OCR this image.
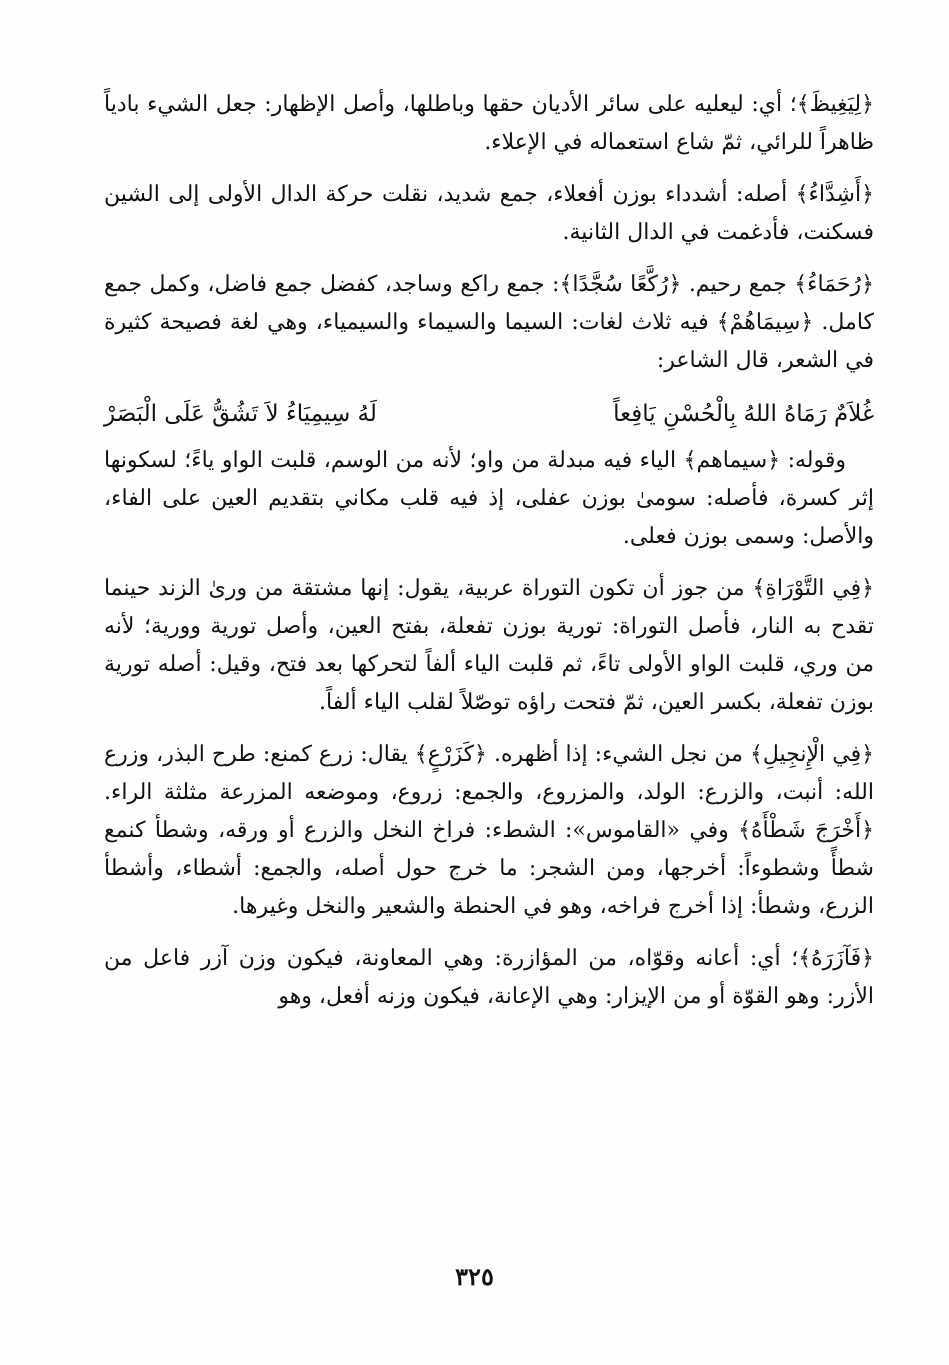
﴿لِيَغِيظَ﴾؛ أي: ليعليه على سائر الأديان حقها وباطلها، وأصل الإظهار: جعل الشيء بادياً ظاهراً للرائي، ثمّ شاع استعماله في الإعلاء.

﴿أَشِدَّاءُ﴾ أصله: أشدداء بوزن أفعلاء، جمع شديد، نقلت حركة الدال الأولى إلى الشين فسكنت، فأدغمت في الدال الثانية.

﴿رُحَمَاءُ﴾ جمع رحيم. ﴿رُكَّعًا سُجَّدًا﴾: جمع راكع وساجد، كفضل جمع فاضل، وكمل جمع كامل. ﴿سِيمَاهُمْ﴾ فيه ثلاث لغات: السيما والسيماء والسيمياء، وهي لغة فصيحة كثيرة في الشعر، قال الشاعر:

غُلاَمٌ رَمَاهُ اللهُ بِالْحُسْنِ يَافِعاً
لَهُ سِيمِيَاءُ لاَ تَشُقُّ عَلَى الْبَصَرْ

وقوله: ﴿سيماهم﴾ الياء فيه مبدلة من واو؛ لأنه من الوسم، قلبت الواو ياءً؛ لسكونها إثر كسرة، فأصله: سومىٰ بوزن عفلى، إذ فيه قلب مكاني بتقديم العين على الفاء، والأصل: وسمى بوزن فعلى.

﴿فِي التَّوْرَاةِ﴾ من جوز أن تكون التوراة عربية، يقول: إنها مشتقة من ورىٰ الزند حينما تقدح به النار، فأصل التوراة: تورية بوزن تفعلة، بفتح العين، وأصل تورية وورية؛ لأنه من وري، قلبت الواو الأولى تاءً، ثم قلبت الياء ألفاً لتحركها بعد فتح، وقيل: أصله تورية بوزن تفعلة، بكسر العين، ثمّ فتحت راؤه توصّلاً لقلب الياء ألفاً.

﴿فِي الْإِنجِيلِ﴾ من نجل الشيء: إذا أظهره. ﴿كَزَرْعٍ﴾ يقال: زرع كمنع: طرح البذر، وزرع الله: أنبت، والزرع: الولد، والمزروع، والجمع: زروع، وموضعه المزرعة مثلثة الراء. ﴿أَخْرَجَ شَطْأَهُ﴾ وفي «القاموس»: الشطء: فراخ النخل والزرع أو ورقه، وشطأ كنمع شطأً وشطوءاً: أخرجها، ومن الشجر: ما خرج حول أصله، والجمع: أشطاء، وأشطأ الزرع، وشطأ: إذا أخرج فراخه، وهو في الحنطة والشعير والنخل وغيرها.

﴿فَآزَرَهُ﴾؛ أي: أعانه وقوّاه، من المؤازرة: وهي المعاونة، فيكون وزن آزر فاعل من الأزر: وهو القوّة أو من الإيزار: وهي الإعانة، فيكون وزنه أفعل، وهو

٣٢٥
